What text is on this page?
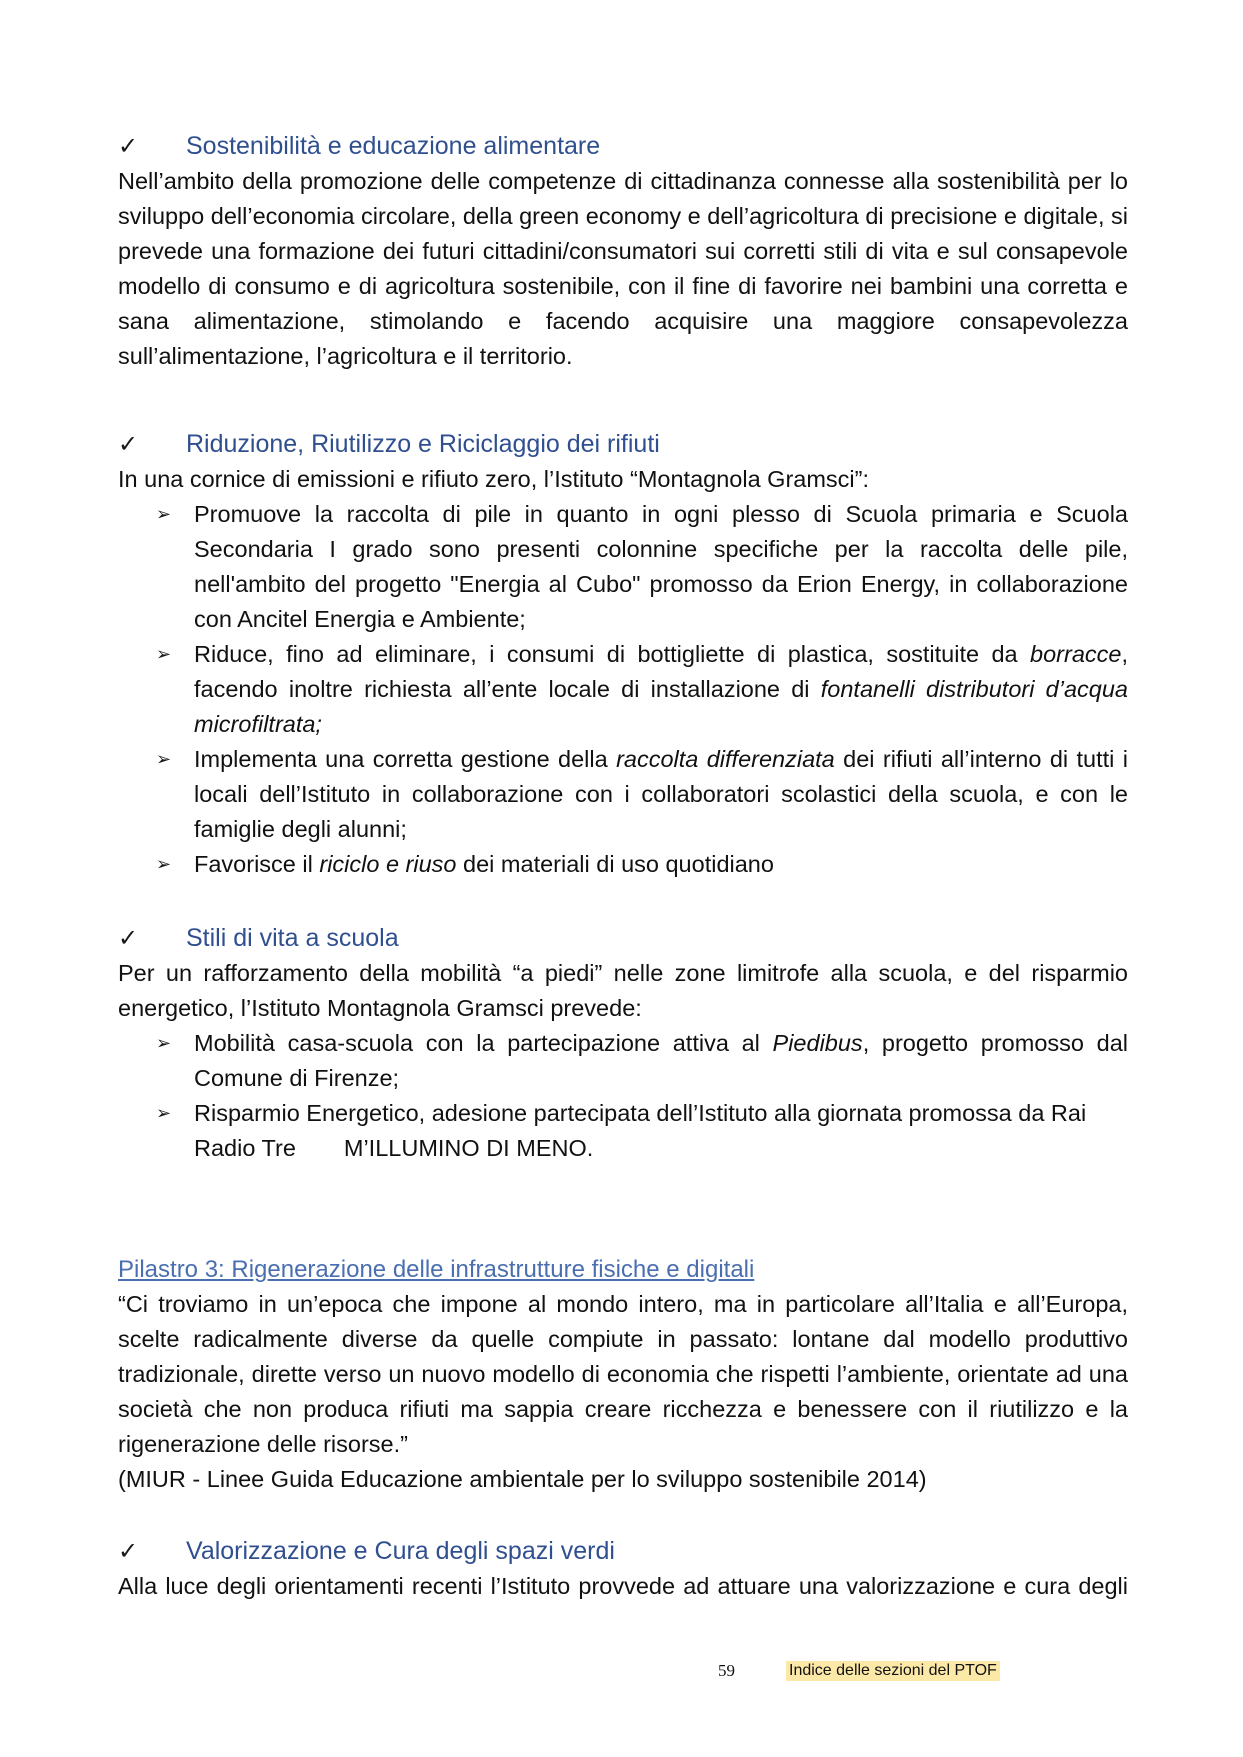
✓	Sostenibilità e educazione alimentare

Nell’ambito della promozione delle competenze di cittadinanza connesse alla sostenibilità per lo sviluppo dell’economia circolare, della green economy e dell’agricoltura di precisione e digitale, si prevede una formazione dei futuri cittadini/consumatori sui corretti stili di vita e sul consapevole modello di consumo e di agricoltura sostenibile, con il fine di favorire nei bambini una corretta e sana alimentazione, stimolando e facendo acquisire una maggiore consapevolezza sull’alimentazione, l’agricoltura e il territorio.

✓	Riduzione, Riutilizzo e Riciclaggio dei rifiuti

In una cornice di emissioni e rifiuto zero, l’Istituto “Montagnola Gramsci”:

➢ Promuove la raccolta di pile in quanto in ogni plesso di Scuola primaria e Scuola Secondaria I grado sono presenti colonnine specifiche per la raccolta delle pile, nell'ambito del progetto "Energia al Cubo" promosso da Erion Energy, in collaborazione con Ancitel Energia e Ambiente;
➢ Riduce, fino ad eliminare, i consumi di bottigliette di plastica, sostituite da borracce, facendo inoltre richiesta all’ente locale di installazione di fontanelli distributori d’acqua microfiltrata;
➢ Implementa una corretta gestione della raccolta differenziata dei rifiuti all’interno di tutti i locali dell’Istituto in collaborazione con i collaboratori scolastici della scuola, e con le famiglie degli alunni;
➢ Favorisce il riciclo e riuso dei materiali di uso quotidiano
✓	Stili di vita a scuola

Per un rafforzamento della mobilità “a piedi” nelle zone limitrofe alla scuola, e del risparmio energetico, l’Istituto Montagnola Gramsci prevede:

➢ Mobilità casa-scuola con la partecipazione attiva al Piedibus, progetto promosso dal Comune di Firenze;
➢ Risparmio Energetico, adesione partecipata dell’Istituto alla giornata promossa da Rai Radio Tre M’ILLUMINO DI MENO.
Pilastro 3: Rigenerazione delle infrastrutture fisiche e digitali

“Ci troviamo in un’epoca che impone al mondo intero, ma in particolare all’Italia e all’Europa, scelte radicalmente diverse da quelle compiute in passato: lontane dal modello produttivo tradizionale, dirette verso un nuovo modello di economia che rispetti l’ambiente, orientate ad una società che non produca rifiuti ma sappia creare ricchezza e benessere con il riutilizzo e la rigenerazione delle risorse.”

(MIUR - Linee Guida Educazione ambientale per lo sviluppo sostenibile 2014)

✓	Valorizzazione e Cura degli spazi verdi

Alla luce degli orientamenti recenti l’Istituto provvede ad attuare una valorizzazione e cura degli

59	Indice delle sezioni del PTOF
